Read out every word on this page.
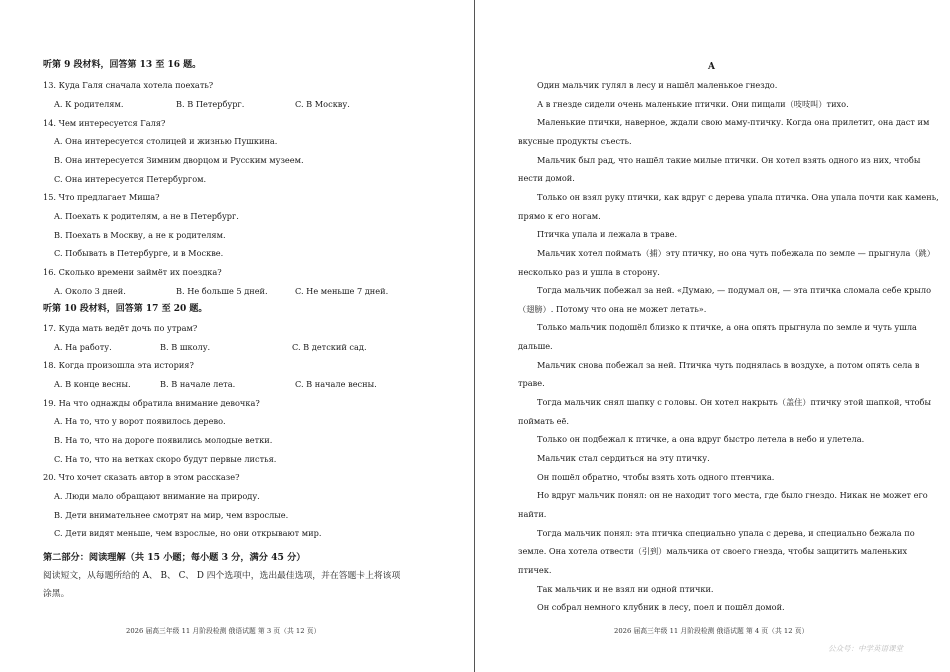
听第 9 段材料，回答第 13 至 16 题。
13. Куда Галя сначала хотела поехать?
A. К родителям.	B. В Петербург.	C. В Москву.
14. Чем интересуется Галя?
A. Она интересуется столицей и жизнью Пушкина.
B. Она интересуется Зимним дворцом и Русским музеем.
C. Она интересуется Петербургом.
15. Что предлагает Миша?
A. Поехать к родителям, а не в Петербург.
B. Поехать в Москву, а не к родителям.
C. Побывать в Петербурге, и в Москве.
16. Сколько времени займёт их поездка?
A. Около 3 дней.	B. Не больше 5 дней.	C. Не меньше 7 дней.
听第 10 段材料，回答第 17 至 20 题。
17. Куда мать ведёт дочь по утрам?
A. На работу.	B. В школу.	C. В детский сад.
18. Когда произошла эта история?
A. В конце весны.	B. В начале лета.	C. В начале весны.
19. На что однажды обратила внимание девочка?
A. На то, что у ворот появилось дерево.
B. На то, что на дороге появились молодые ветки.
C. На то, что на ветках скоро будут первые листья.
20. Что хочет сказать автор в этом рассказе?
A. Люди мало обращают внимание на природу.
B. Дети внимательнее смотрят на мир, чем взрослые.
C. Дети видят меньше, чем взрослые, но они открывают мир.
第二部分：阅读理解（共 15 小题；每小题 3 分，满分 45 分）
阅读短文，从每题所给的 A、 B、 C、 D 四个选项中，选出最佳选项，并在答题卡上将该项
涂黑。
2026 届高三年级 11 月阶段检测 俄语试题 第 3 页（共 12 页）
A
Один мальчик гулял в лесу и нашёл маленькое гнездо.
А в гнезде сидели очень маленькие птички. Они пищали（吱吱叫）тихо.
Маленькие птички, наверное, ждали свою маму-птичку. Когда она прилетит, она даст им
вкусные продукты съесть.
Мальчик был рад, что нашёл такие милые птички. Он хотел взять одного из них, чтобы
нести домой.
Только он взял руку птички, как вдруг с дерева упала птичка. Она упала почти как камень,
прямо к его ногам.
Птичка упала и лежала в траве.
Мальчик хотел поймать（捕）эту птичку, но она чуть побежала по земле — прыгнула（跳）
несколько раз и ушла в сторону.
Тогда мальчик побежал за ней. «Думаю, — подумал он, — эта птичка сломала себе крыло
（翅膀）. Потому что она не может летать».
Только мальчик подошёл близко к птичке, а она опять прыгнула по земле и чуть ушла
дальше.
Мальчик снова побежал за ней. Птичка чуть поднялась в воздухе, а потом опять села в
траве.
Тогда мальчик снял шапку с головы. Он хотел накрыть（盖住）птичку этой шапкой, чтобы
поймать её.
Только он подбежал к птичке, а она вдруг быстро летела в небо и улетела.
Мальчик стал сердиться на эту птичку.
Он пошёл обратно, чтобы взять хоть одного птенчика.
Но вдруг мальчик понял: он не находит того места, где было гнездо. Никак не может его
найти.
Тогда мальчик понял: эта птичка специально упала с дерева, и специально бежала по
земле. Она хотела отвести（引到）мальчика от своего гнезда, чтобы защитить маленьких
птичек.
Так мальчик и не взял ни одной птички.
Он собрал немного клубник в лесу, поел и пошёл домой.
2026 届高三年级 11 月阶段检测 俄语试题 第 4 页（共 12 页）
公众号：中学英语课堂
